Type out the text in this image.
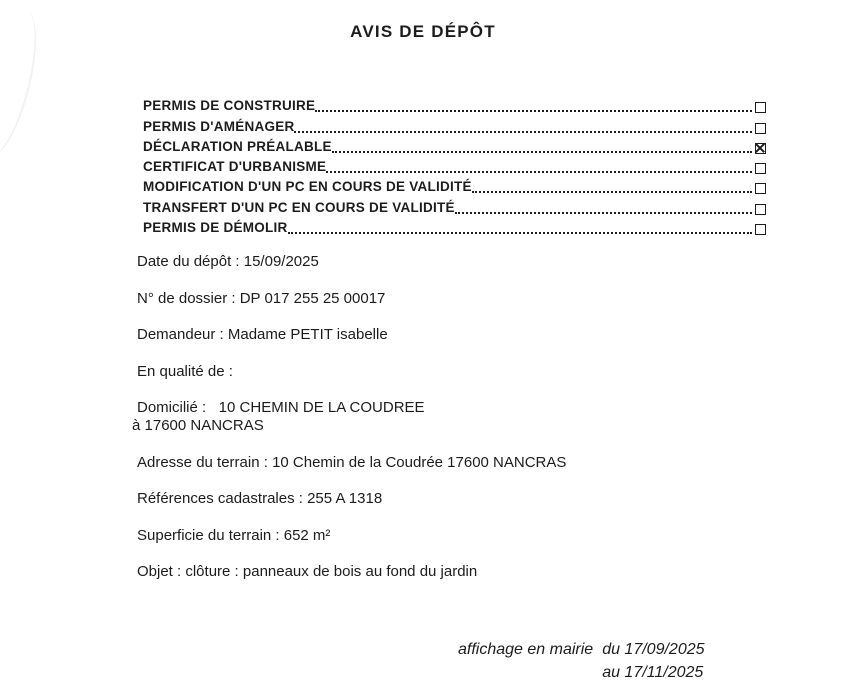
AVIS DE DÉPÔT
PERMIS DE CONSTRUIRE
PERMIS D'AMÉNAGER
DÉCLARATION PRÉALABLE
CERTIFICAT D'URBANISME
MODIFICATION D'UN PC EN COURS DE VALIDITÉ
TRANSFERT D'UN PC EN COURS DE VALIDITÉ
PERMIS DE DÉMOLIR
Date du dépôt : 15/09/2025
N° de dossier : DP 017 255 25 00017
Demandeur : Madame PETIT isabelle
En qualité de :
Domicilié :   10 CHEMIN DE LA COUDREE
à 17600 NANCRAS
Adresse du terrain : 10 Chemin de la Coudrée 17600 NANCRAS
Références cadastrales : 255 A 1318
Superficie du terrain : 652 m²
Objet : clôture : panneaux de bois au fond du jardin
affichage en mairie du 17/09/2025
au 17/11/2025
